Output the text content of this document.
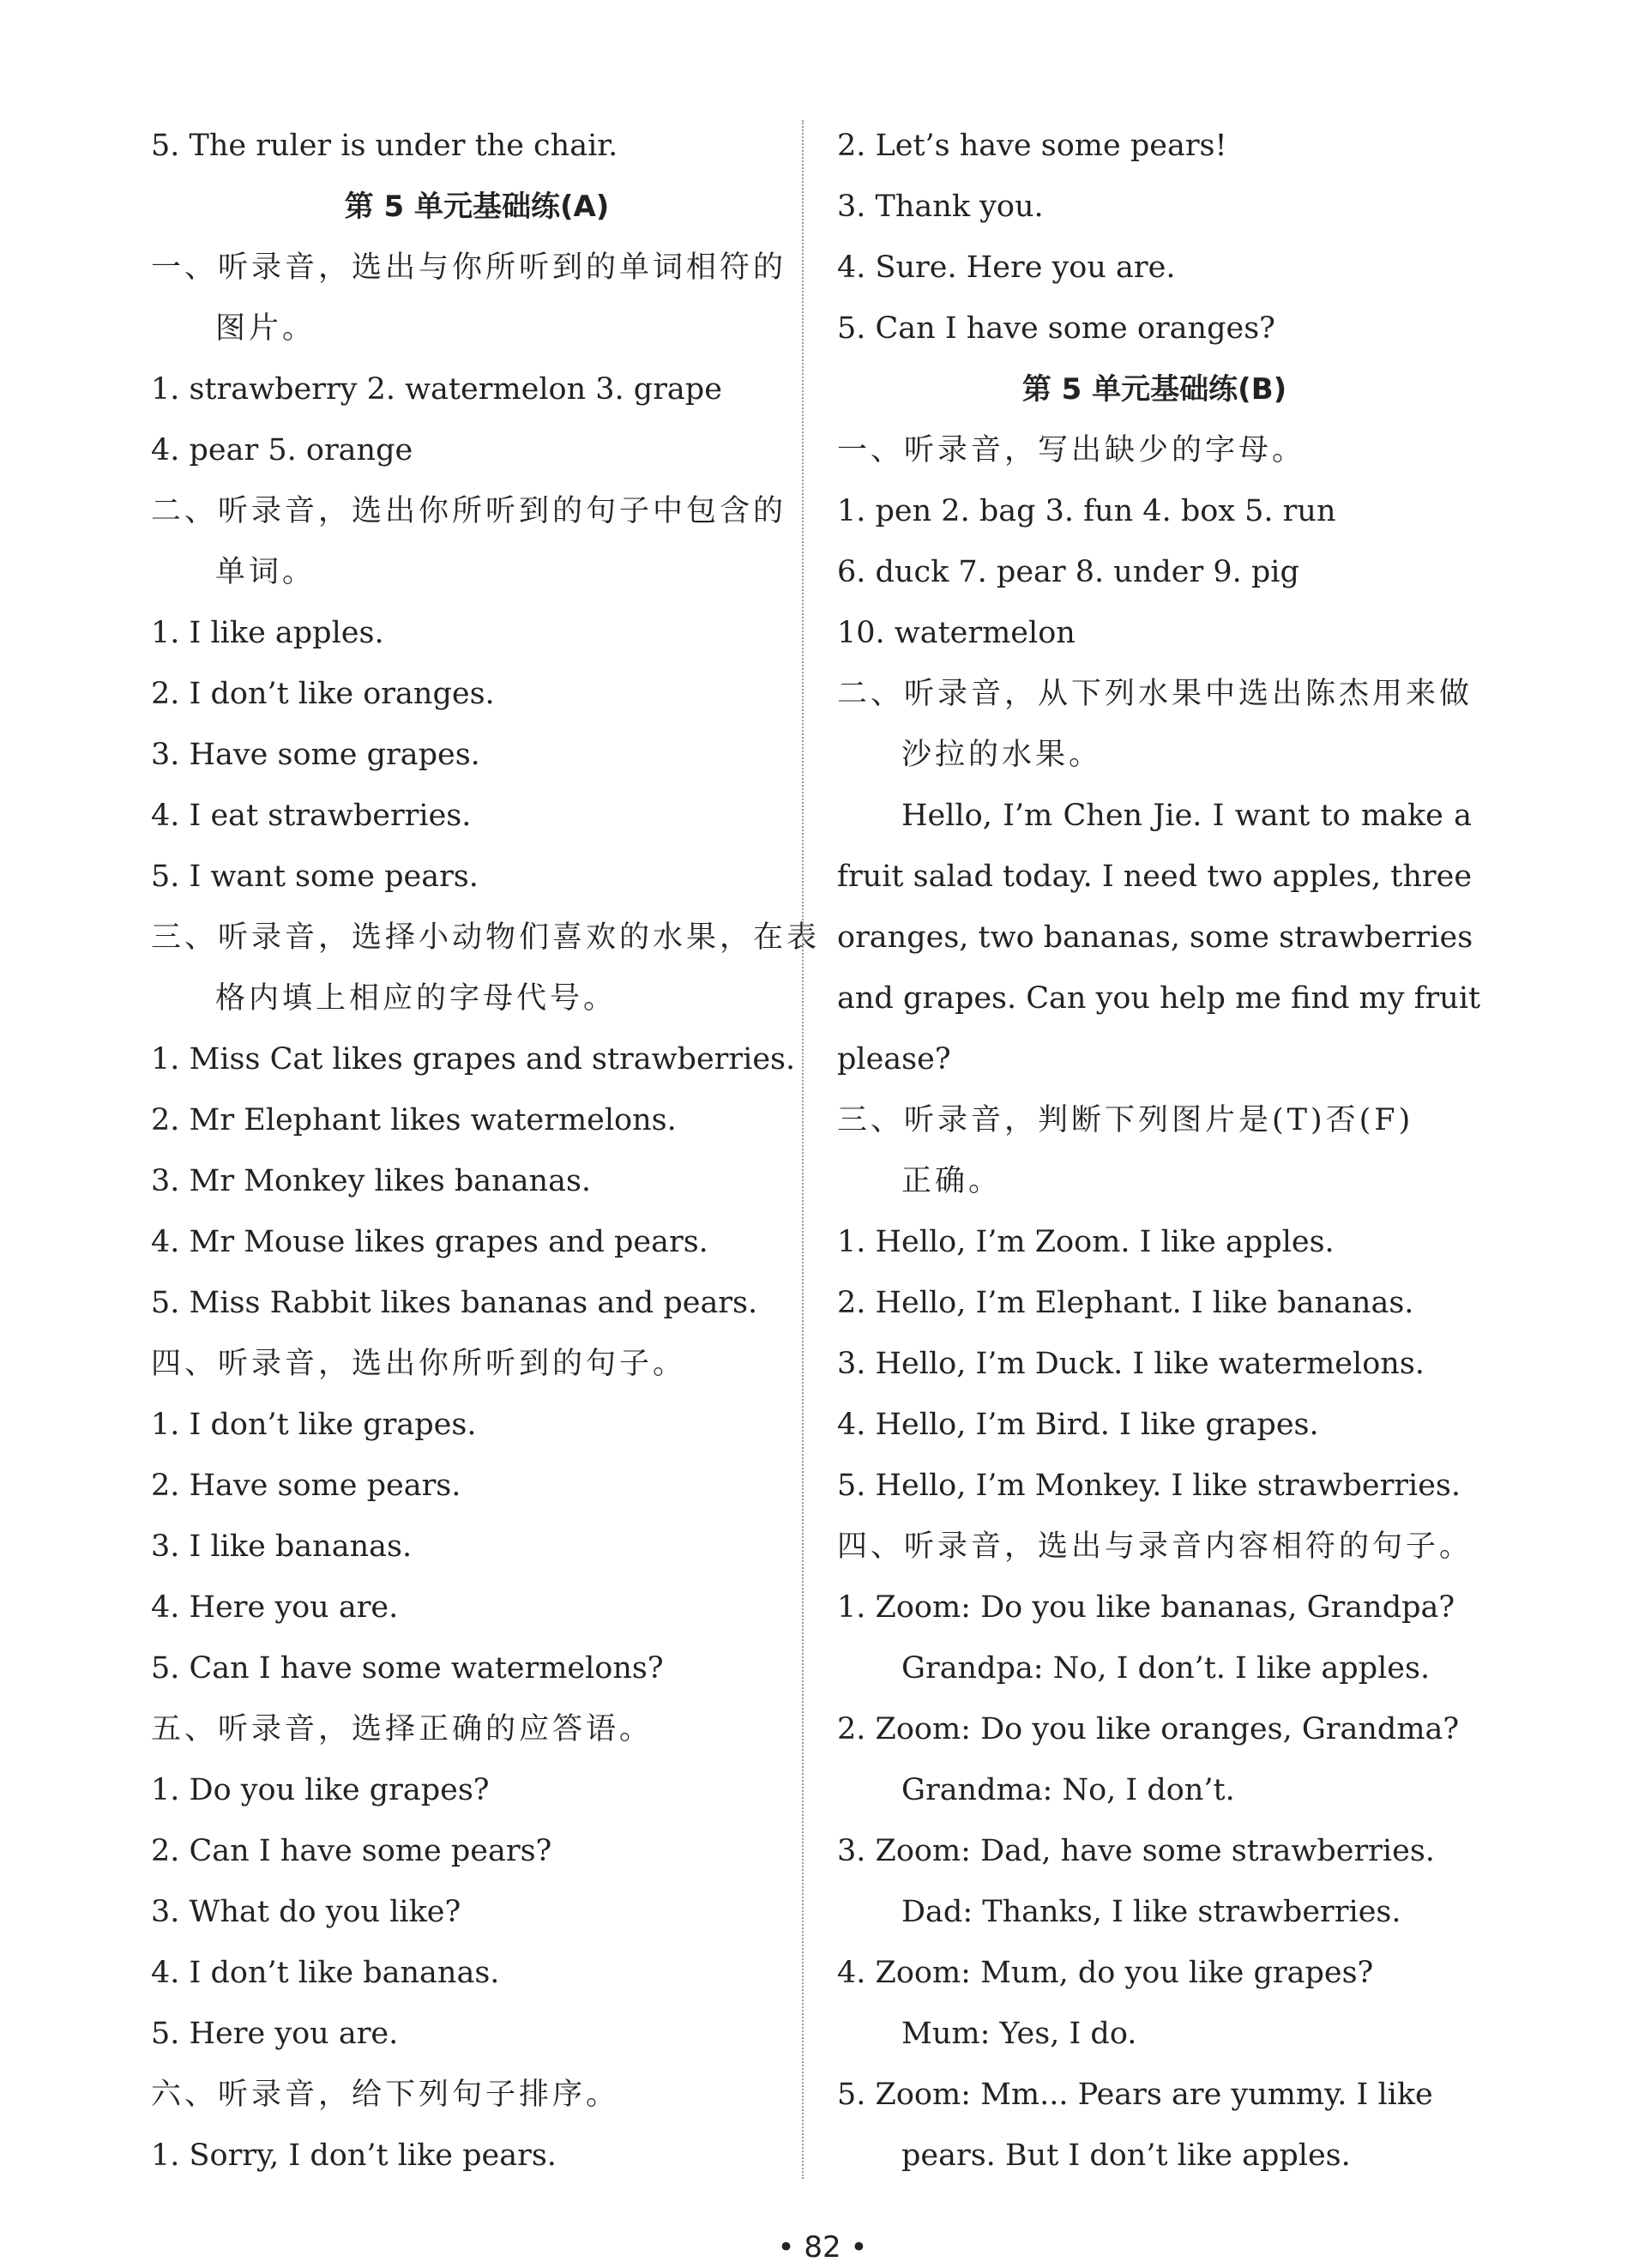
5. The ruler is under the chair.
第 5 单元基础练(A)
一、听录音，选出与你所听到的单词相符的
图片。
1. strawberry 2. watermelon 3. grape
4. pear 5. orange
二、听录音，选出你所听到的句子中包含的
单词。
1. I like apples.
2. I don’t like oranges.
3. Have some grapes.
4. I eat strawberries.
5. I want some pears.
三、听录音，选择小动物们喜欢的水果，在表
格内填上相应的字母代号。
1. Miss Cat likes grapes and strawberries.
2. Mr Elephant likes watermelons.
3. Mr Monkey likes bananas.
4. Mr Mouse likes grapes and pears.
5. Miss Rabbit likes bananas and pears.
四、听录音，选出你所听到的句子。
1. I don’t like grapes.
2. Have some pears.
3. I like bananas.
4. Here you are.
5. Can I have some watermelons?
五、听录音，选择正确的应答语。
1. Do you like grapes?
2. Can I have some pears?
3. What do you like?
4. I don’t like bananas.
5. Here you are.
六、听录音，给下列句子排序。
1. Sorry, I don’t like pears.
2. Let’s have some pears!
3. Thank you.
4. Sure. Here you are.
5. Can I have some oranges?
第 5 单元基础练(B)
一、听录音，写出缺少的字母。
1. pen 2. bag 3. fun 4. box 5. run
6. duck 7. pear 8. under 9. pig
10. watermelon
二、听录音，从下列水果中选出陈杰用来做
沙拉的水果。
Hello, I’m Chen Jie. I want to make a
fruit salad today. I need two apples, three
oranges, two bananas, some strawberries
and grapes. Can you help me find my fruit
please?
三、听录音，判断下列图片是(T)否(F)
正确。
1. Hello, I’m Zoom. I like apples.
2. Hello, I’m Elephant. I like bananas.
3. Hello, I’m Duck. I like watermelons.
4. Hello, I’m Bird. I like grapes.
5. Hello, I’m Monkey. I like strawberries.
四、听录音，选出与录音内容相符的句子。
1. Zoom: Do you like bananas, Grandpa?
Grandpa: No, I don’t. I like apples.
2. Zoom: Do you like oranges, Grandma?
Grandma: No, I don’t.
3. Zoom: Dad, have some strawberries.
Dad: Thanks, I like strawberries.
4. Zoom: Mum, do you like grapes?
Mum: Yes, I do.
5. Zoom: Mm... Pears are yummy. I like
pears. But I don’t like apples.
• 82 •
